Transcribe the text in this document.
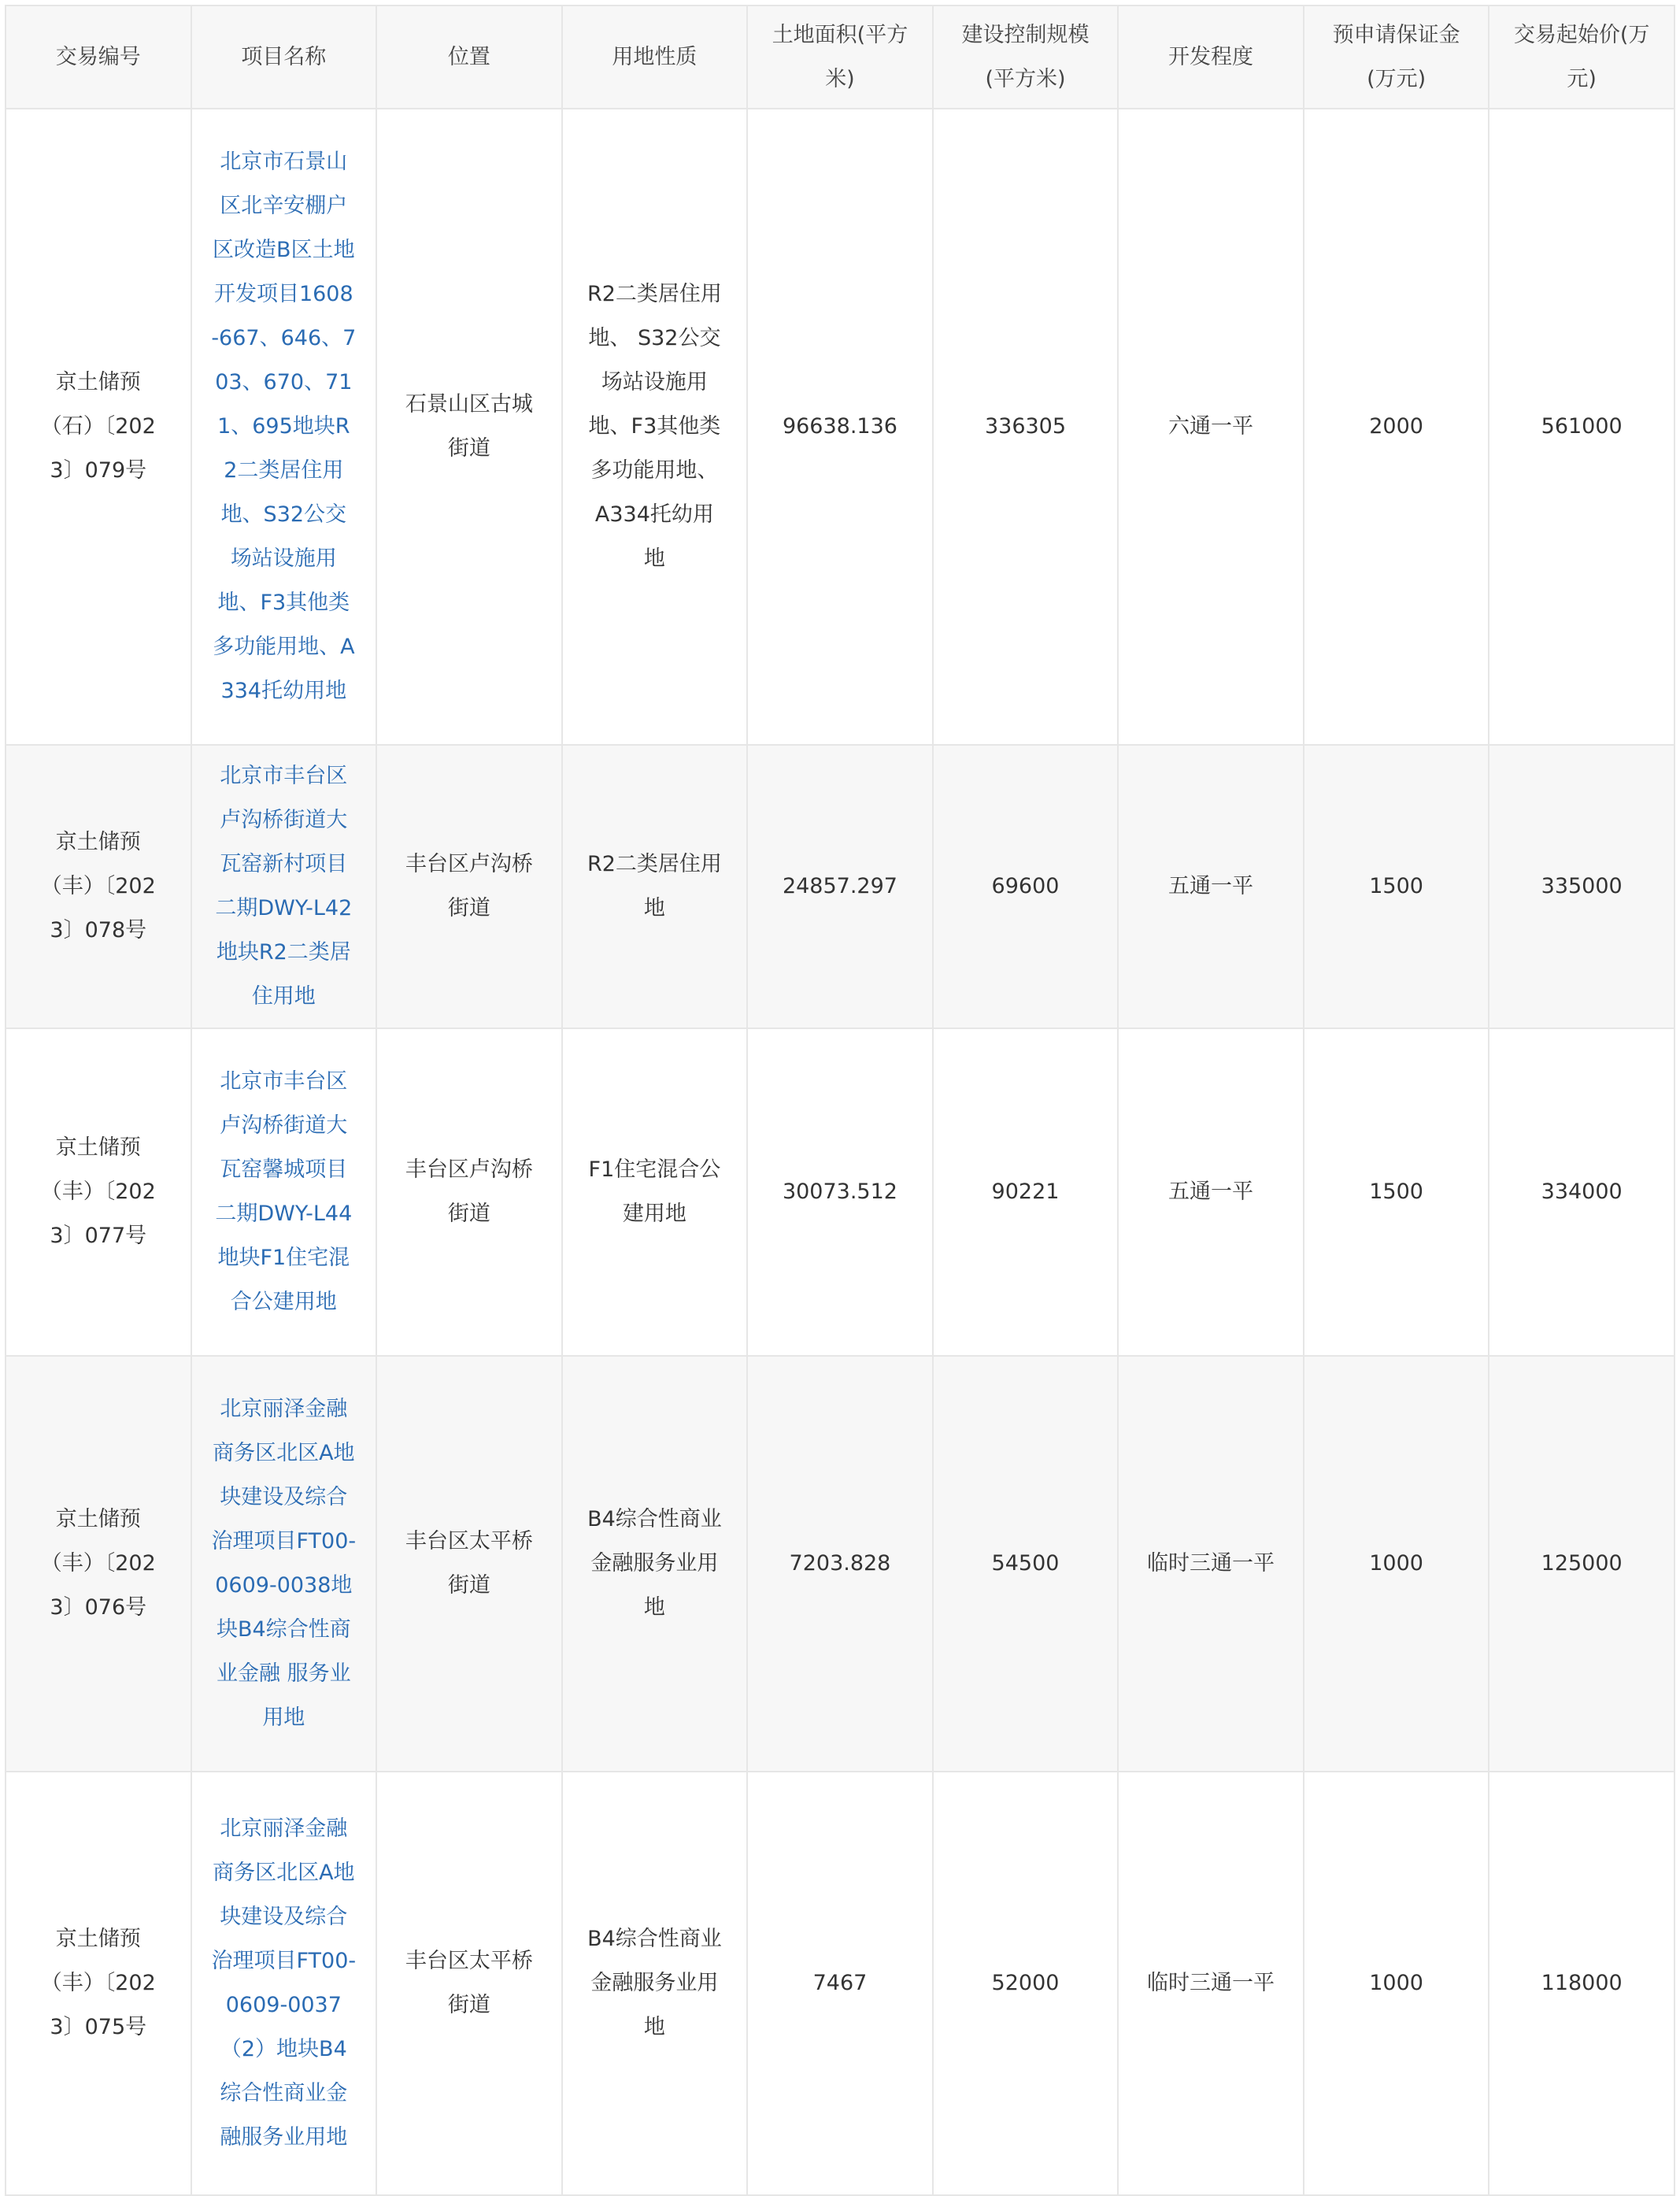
交易编号	项目名称	位置	用地性质	土地面积(平方米)	建设控制规模(平方米)	开发程度	预申请保证金(万元)	交易起始价(万元)
京土储预（石）〔2023〕079号	北京市石景山区北辛安棚户区改造B区土地开发项目1608-667、646、703、670、711、695地块R2二类居住用地、S32公交场站设施用地、F3其他类多功能用地、A334托幼用地	石景山区古城街道	R2二类居住用地、 S32公交场站设施用地、F3其他类多功能用地、A334托幼用地	96638.136	336305	六通一平	2000	561000
京土储预（丰）〔2023〕078号	北京市丰台区卢沟桥街道大瓦窑新村项目二期DWY-L42地块R2二类居住用地	丰台区卢沟桥街道	R2二类居住用地	24857.297	69600	五通一平	1500	335000
京土储预（丰）〔2023〕077号	北京市丰台区卢沟桥街道大瓦窑馨城项目二期DWY-L44地块F1住宅混合公建用地	丰台区卢沟桥街道	F1住宅混合公建用地	30073.512	90221	五通一平	1500	334000
京土储预（丰）〔2023〕076号	北京丽泽金融商务区北区A地块建设及综合治理项目FT00-0609-0038地块B4综合性商业金融 服务业用地	丰台区太平桥街道	B4综合性商业金融服务业用地	7203.828	54500	临时三通一平	1000	125000
京土储预（丰）〔2023〕075号	北京丽泽金融商务区北区A地块建设及综合治理项目FT00-0609-0037（2）地块B4综合性商业金融服务业用地	丰台区太平桥街道	B4综合性商业金融服务业用地	7467	52000	临时三通一平	1000	118000
